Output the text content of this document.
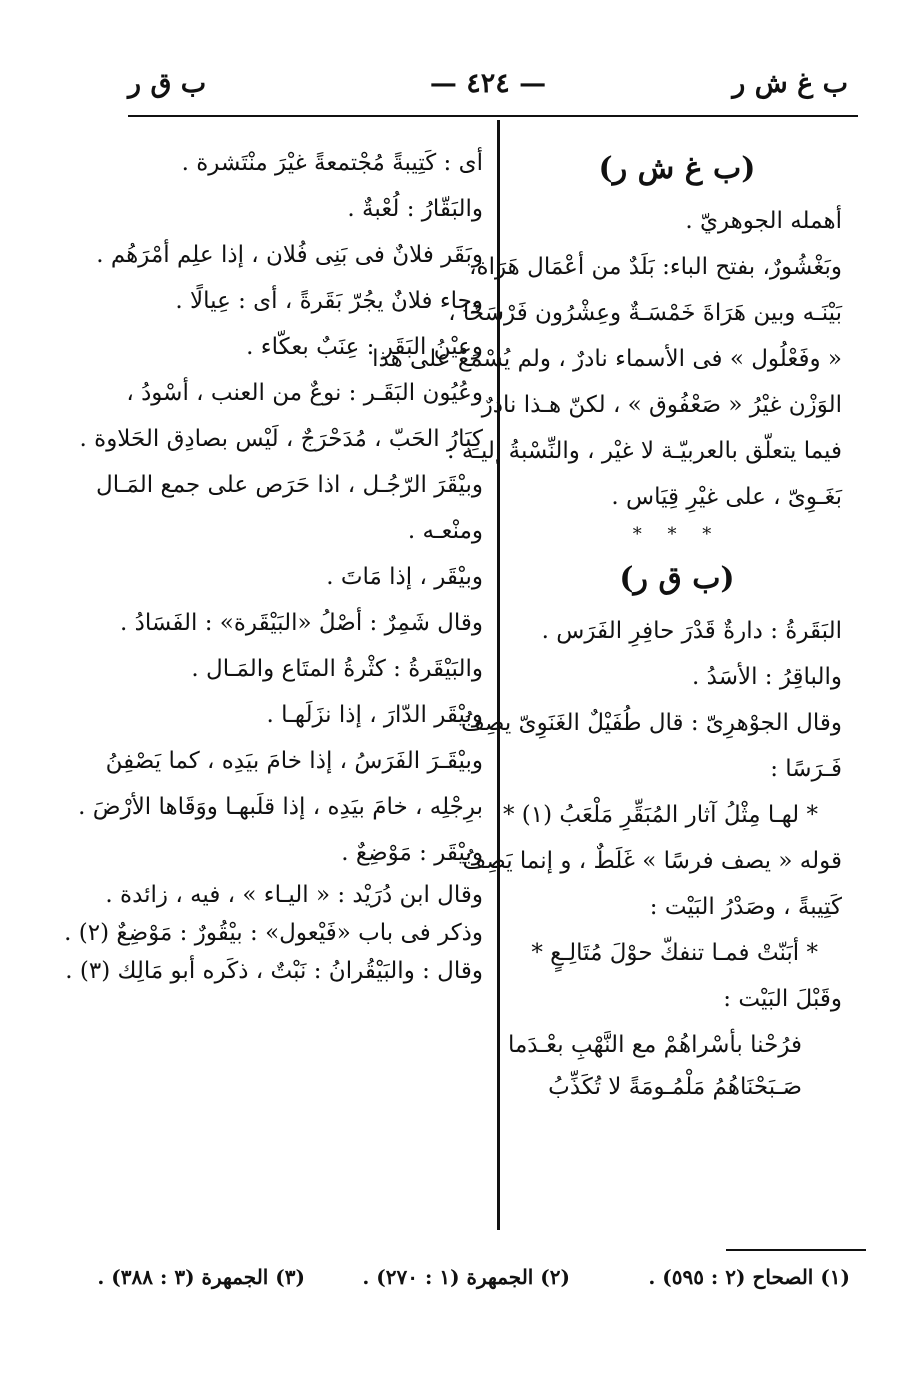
ب غ ش ر
— ٤٢٤ —
ب ق ر
(ب غ ش ر)
أهمله الجوهريّ .
وبَغْشُورٌ، بفتح الباء: بَلَدٌ من أعْمَال هَرَاة،
بَيْنَـه وبين هَرَاةَ خَمْسَـةٌ وعِشْرُون فَرْسَخًا ،
« وفَعْلُول » فى الأسماء نادرٌ ، ولم يُسْمَعْ على هذا
الوَزْن غيْرُ « صَعْفُوق » ، لكنّ هـذا نادرٌ
فيما يتعلّق بالعربيّـة لا غيْر ، والنِّسْبةُ إليـه :
بَغَـوِىّ ، على غيْرِ قِيَاس .
* * *
(ب ق ر)
البَقَرةُ : دارةٌ قَدْرَ حافِرِ الفَرَس .
والباقِرُ : الأسَدُ .
وقال الجوْهرِىّ : قال طُفَيْلٌ الغَنَوِىّ يصِفُ
فَـرَسًا :
* لهـا مِثْلُ آثار المُبَقِّرِ مَلْعَبُ (١) *
قوله « يصف فرسًا » غَلَطٌ ، و إنما يَصِفُ
كَتِيبةً ، وصَدْرُ البَيْت :
* أبَنّتْ فمـا تنفكّ حوْلَ مُتَالِـعٍ *
وقَبْلَ البَيْت :
فرُحْنا بأسْراهُمْ مع النَّهْبِ بعْـدَما
صَـبَحْنَاهُمُ مَلْمُـومَةً لا تُكَذِّبُ
أى : كَتِيبةً مُجْتمعةً غيْرَ منْتَشرة .
والبَقّارُ : لُعْبةٌ .
وبَقَر فلانٌ فى بَنِى فُلان ، إذا علِم أمْرَهُم .
وجاء فلانٌ يجُرّ بَقَرةً ، أى : عِيالًا .
وعيْنُ البَقَر : عِنَبٌ بعكّاء .
وعُيُون البَقَـر : نوعٌ من العنب ، أسْودُ ،
كِبَارُ الحَبّ ، مُدَحْرَجٌ ، لَيْس بصادِق الحَلاوة .
وبيْقَرَ الرّجُـل ، اذا حَرَص على جمع المَـال
ومنْعـه .
وبيْقَر ، إذا مَاتَ .
وقال شَمِرٌ : أصْلُ «البَيْقَرة» : الفَسَادُ .
والبَيْقَرةُ : كثْرةُ المتَاع والمَـال .
وبيْقَر الدّارَ ، إذا نزَلَهـا .
وبيْقَـرَ الفَرَسُ ، إذا خامَ بيَدِه ، كما يَصْفِنُ
برِجْلِه ، خامَ بيَدِه ، إذا قلَبهـا ووَقَاها الأرْضَ .
وبيْقَر : مَوْضِعٌ .
وقال ابن دُرَيْد : « اليـاء » ، فيه ، زائدة .
وذكر فى باب «فَيْعول» : بيْقُورٌ : مَوْضِعٌ (٢) .
وقال : والبَيْقُرانُ : نَبْتٌ ، ذكَره أبو مَالِك (٣) .
(١) الصحاح (٢ : ٥٩٥) .
(٢) الجمهرة (١ : ٢٧٠) .
(٣) الجمهرة (٣ : ٣٨٨) .
